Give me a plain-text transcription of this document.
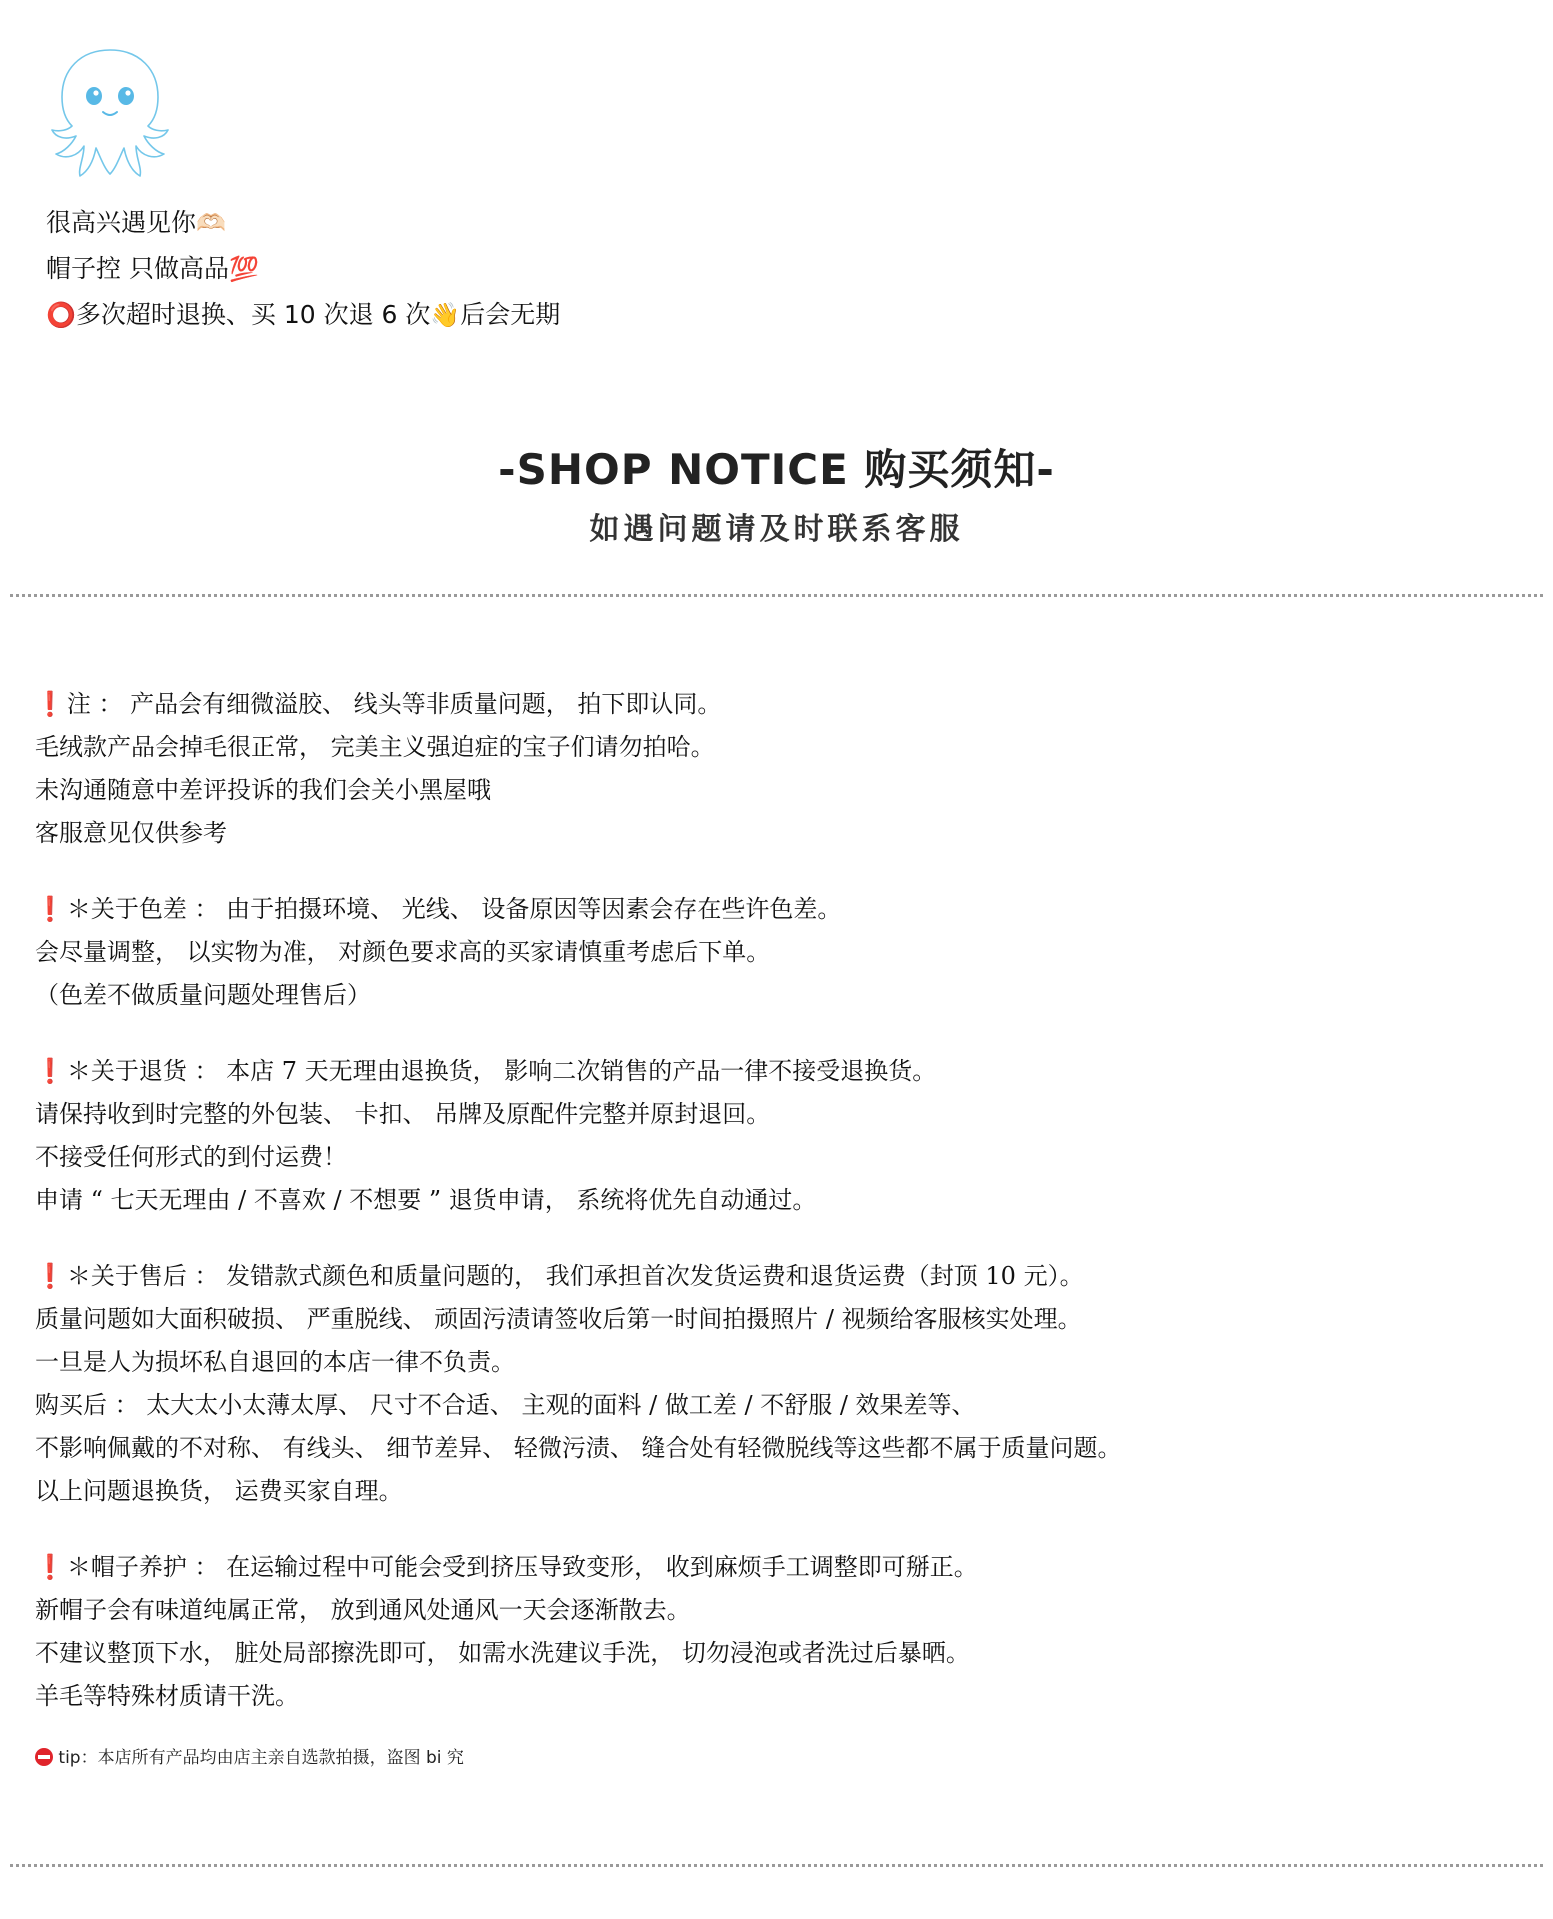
很高兴遇见你🫶🏻
帽子控 只做高品💯
⭕多次超时退换、买 10 次退 6 次👋后会无期
-SHOP NOTICE 购买须知-
如遇问题请及时联系客服
❗注 ： 产品会有细微溢胶、 线头等非质量问题， 拍下即认同。
毛绒款产品会掉毛很正常， 完美主义强迫症的宝子们请勿拍哈。
未沟通随意中差评投诉的我们会关小黑屋哦
客服意见仅供参考
❗＊关于色差 ： 由于拍摄环境、 光线、 设备原因等因素会存在些许色差。
会尽量调整， 以实物为准， 对颜色要求高的买家请慎重考虑后下单。
（色差不做质量问题处理售后）
❗＊关于退货 ： 本店 7 天无理由退换货， 影响二次销售的产品一律不接受退换货。
请保持收到时完整的外包装、 卡扣、 吊牌及原配件完整并原封退回。
不接受任何形式的到付运费！
申请 “ 七天无理由 / 不喜欢 / 不想要 ” 退货申请， 系统将优先自动通过。
❗＊关于售后 ： 发错款式颜色和质量问题的， 我们承担首次发货运费和退货运费（封顶 10 元）。
质量问题如大面积破损、 严重脱线、 顽固污渍请签收后第一时间拍摄照片 / 视频给客服核实处理。
一旦是人为损坏私自退回的本店一律不负责。
购买后 ： 太大太小太薄太厚、 尺寸不合适、 主观的面料 / 做工差 / 不舒服 / 效果差等、
不影响佩戴的不对称、 有线头、 细节差异、 轻微污渍、 缝合处有轻微脱线等这些都不属于质量问题。
以上问题退换货， 运费买家自理。
❗＊帽子养护 ： 在运输过程中可能会受到挤压导致变形， 收到麻烦手工调整即可掰正。
新帽子会有味道纯属正常， 放到通风处通风一天会逐渐散去。
不建议整顶下水， 脏处局部擦洗即可， 如需水洗建议手洗， 切勿浸泡或者洗过后暴晒。
羊毛等特殊材质请干洗。
tip：本店所有产品均由店主亲自选款拍摄，盗图 bi 究
